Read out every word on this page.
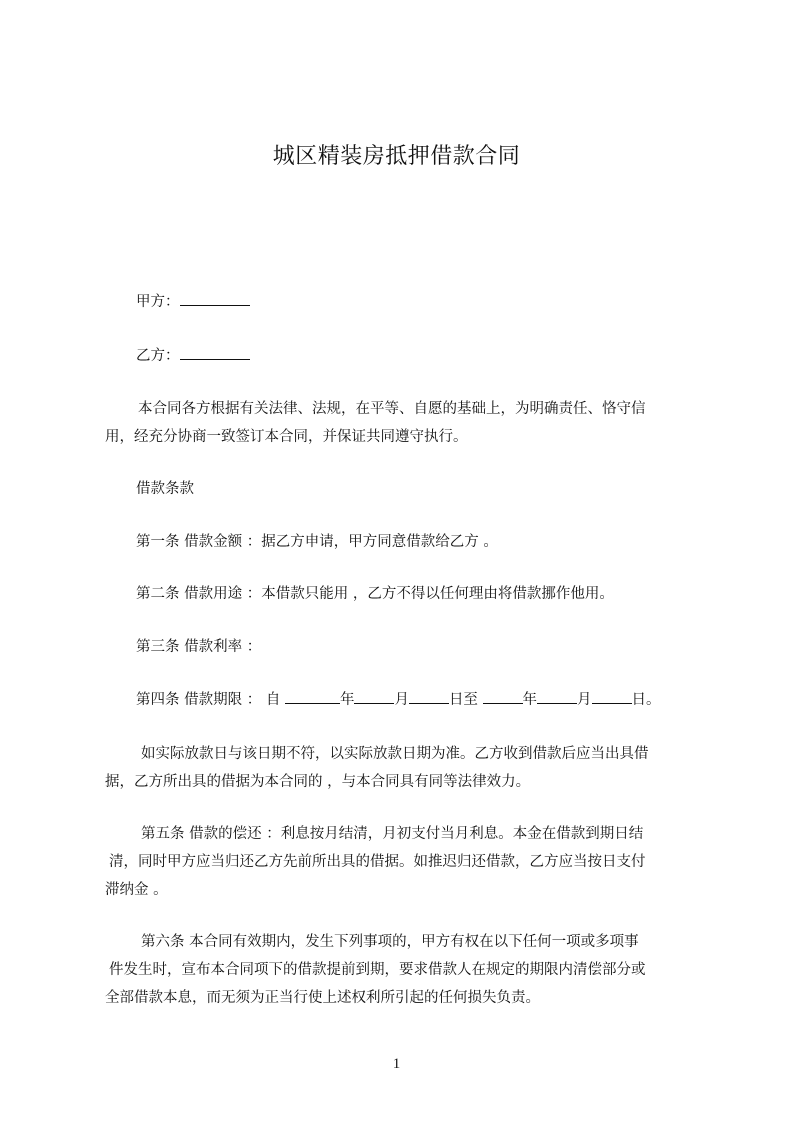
城区精装房抵押借款合同
甲方：
乙方：
本合同各方根据有关法律、法规，在平等、自愿的基础上，为明确责任、恪守信
用，经充分协商一致签订本合同，并保证共同遵守执行。
借款条款
第一条 借款金额 ：据乙方申请，甲方同意借款给乙方 。
第二条 借款用途 ：本借款只能用 ，乙方不得以任何理由将借款挪作他用。
第三条 借款利率 ：
第四条 借款期限 ： 自	年	月	日至	年	月	日。
如实际放款日与该日期不符，以实际放款日期为准。乙方收到借款后应当出具借
据，乙方所出具的借据为本合同的 ，与本合同具有同等法律效力。
第五条 借款的偿还 ：利息按月结清，月初支付当月利息。本金在借款到期日结
清，同时甲方应当归还乙方先前所出具的借据。如推迟归还借款，乙方应当按日支付
滞纳金 。
第六条 本合同有效期内，发生下列事项的，甲方有权在以下任何一项或多项事
件发生时，宣布本合同项下的借款提前到期，要求借款人在规定的期限内清偿部分或
全部借款本息，而无须为正当行使上述权利所引起的任何损失负责。
1
